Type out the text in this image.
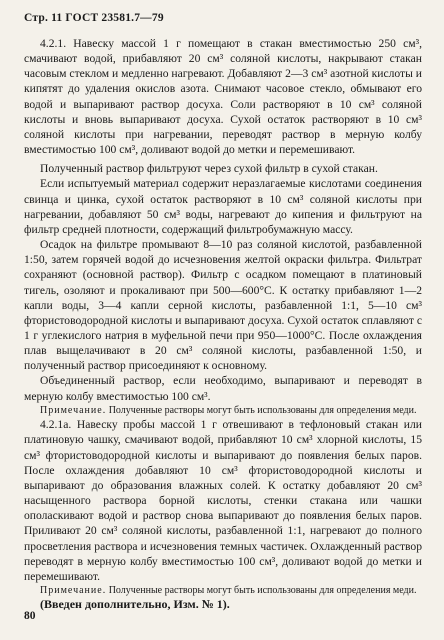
Стр. 11 ГОСТ 23581.7—79

4.2.1. Навеску массой 1 г помещают в стакан вместимостью 250 см³, смачивают водой, прибавляют 20 см³ соляной кислоты, накрывают стакан часовым стеклом и медленно нагревают. Добавляют 2—3 см³ азотной кислоты и кипятят до удаления окислов азота. Снимают часовое стекло, обмывают его водой и выпаривают раствор досуха. Соли растворяют в 10 см³ соляной кислоты и вновь выпаривают досуха. Сухой остаток растворяют в 10 см³ соляной кислоты при нагревании, переводят раствор в мерную колбу вместимостью 100 см³, доливают водой до метки и перемешивают.

Полученный раствор фильтруют через сухой фильтр в сухой стакан.

Если испытуемый материал содержит неразлагаемые кислотами соединения свинца и цинка, сухой остаток растворяют в 10 см³ соляной кислоты при нагревании, добавляют 50 см³ воды, нагревают до кипения и фильтруют на фильтр средней плотности, содержащий фильтробумажную массу.

Осадок на фильтре промывают 8—10 раз соляной кислотой, разбавленной 1:50, затем горячей водой до исчезновения желтой окраски фильтра. Фильтрат сохраняют (основной раствор). Фильтр с осадком помещают в платиновый тигель, озоляют и прокаливают при 500—600°С. К остатку прибавляют 1—2 капли воды, 3—4 капли серной кислоты, разбавленной 1:1, 5—10 см³ фтористоводородной кислоты и выпаривают досуха. Сухой остаток сплавляют с 1 г углекислого натрия в муфельной печи при 950—1000°С. После охлаждения плав выщелачивают в 20 см³ соляной кислоты, разбавленной 1:50, и полученный раствор присоединяют к основному.

Объединенный раствор, если необходимо, выпаривают и переводят в мерную колбу вместимостью 100 см³.

Примечание. Полученные растворы могут быть использованы для определения меди.

4.2.1а. Навеску пробы массой 1 г отвешивают в тефлоновый стакан или платиновую чашку, смачивают водой, прибавляют 10 см³ хлорной кислоты, 15 см³ фтористоводородной кислоты и выпаривают до появления белых паров. После охлаждения добавляют 10 см³ фтористоводородной кислоты и выпаривают до образования влажных солей. К остатку добавляют 20 см³ насыщенного раствора борной кислоты, стенки стакана или чашки ополаскивают водой и раствор снова выпаривают до появления белых паров. Приливают 20 см³ соляной кислоты, разбавленной 1:1, нагревают до полного просветления раствора и исчезновения темных частичек. Охлажденный раствор переводят в мерную колбу вместимостью 100 см³, доливают водой до метки и перемешивают.

Примечание. Полученные растворы могут быть использованы для определения меди.

(Введен дополнительно, Изм. № 1).

80
